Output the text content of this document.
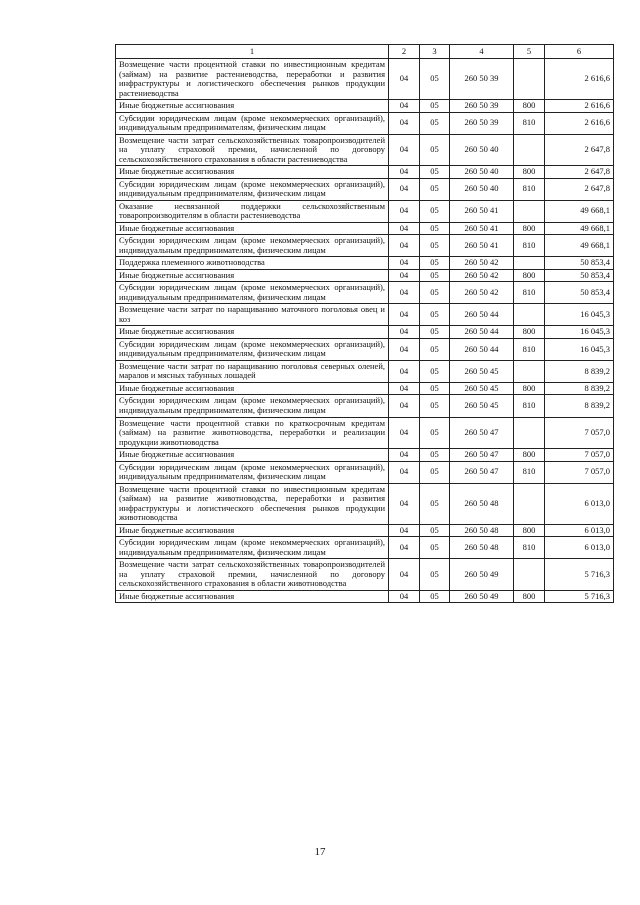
1	2	3	4	5	6
Возмещение части процентной ставки по инвестиционным кредитам (займам) на развитие растениеводства, переработки и развития инфраструктуры и логистического обеспечения рынков продукции растениеводства	04	05	260 50 39		2 616,6
Иные бюджетные ассигнования	04	05	260 50 39	800	2 616,6
Субсидии юридическим лицам (кроме некоммерческих организаций), индивидуальным предпринимателям, физическим лицам	04	05	260 50 39	810	2 616,6
Возмещение части затрат сельскохозяйственных товаропроизводителей на уплату страховой премии, начисленной по договору сельскохозяйственного страхования в области растениеводства	04	05	260 50 40		2 647,8
Иные бюджетные ассигнования	04	05	260 50 40	800	2 647,8
Субсидии юридическим лицам (кроме некоммерческих организаций), индивидуальным предпринимателям, физическим лицам	04	05	260 50 40	810	2 647,8
Оказание несвязанной поддержки сельскохозяйственным товаропроизводителям в области растениеводства	04	05	260 50 41		49 668,1
Иные бюджетные ассигнования	04	05	260 50 41	800	49 668,1
Субсидии юридическим лицам (кроме некоммерческих организаций), индивидуальным предпринимателям, физическим лицам	04	05	260 50 41	810	49 668,1
Поддержка племенного животноводства	04	05	260 50 42		50 853,4
Иные бюджетные ассигнования	04	05	260 50 42	800	50 853,4
Субсидии юридическим лицам (кроме некоммерческих организаций), индивидуальным предпринимателям, физическим лицам	04	05	260 50 42	810	50 853,4
Возмещение части затрат по наращиванию маточного поголовья овец и коз	04	05	260 50 44		16 045,3
Иные бюджетные ассигнования	04	05	260 50 44	800	16 045,3
Субсидии юридическим лицам (кроме некоммерческих организаций), индивидуальным предпринимателям, физическим лицам	04	05	260 50 44	810	16 045,3
Возмещение части затрат по наращиванию поголовья северных оленей, маралов и мясных табунных лошадей	04	05	260 50 45		8 839,2
Иные бюджетные ассигнования	04	05	260 50 45	800	8 839,2
Субсидии юридическим лицам (кроме некоммерческих организаций), индивидуальным предпринимателям, физическим лицам	04	05	260 50 45	810	8 839,2
Возмещение части процентной ставки по краткосрочным кредитам (займам) на развитие животноводства, переработки и реализации продукции животноводства	04	05	260 50 47		7 057,0
Иные бюджетные ассигнования	04	05	260 50 47	800	7 057,0
Субсидии юридическим лицам (кроме некоммерческих организаций), индивидуальным предпринимателям, физическим лицам	04	05	260 50 47	810	7 057,0
Возмещение части процентной ставки по инвестиционным кредитам (займам) на развитие животноводства, переработки и развития инфраструктуры и логистического обеспечения рынков продукции животноводства	04	05	260 50 48		6 013,0
Иные бюджетные ассигнования	04	05	260 50 48	800	6 013,0
Субсидии юридическим лицам (кроме некоммерческих организаций), индивидуальным предпринимателям, физическим лицам	04	05	260 50 48	810	6 013,0
Возмещение части затрат сельскохозяйственных товаропроизводителей на уплату страховой премии, начисленной по договору сельскохозяйственного страхования в области животноводства	04	05	260 50 49		5 716,3
Иные бюджетные ассигнования	04	05	260 50 49	800	5 716,3
17
